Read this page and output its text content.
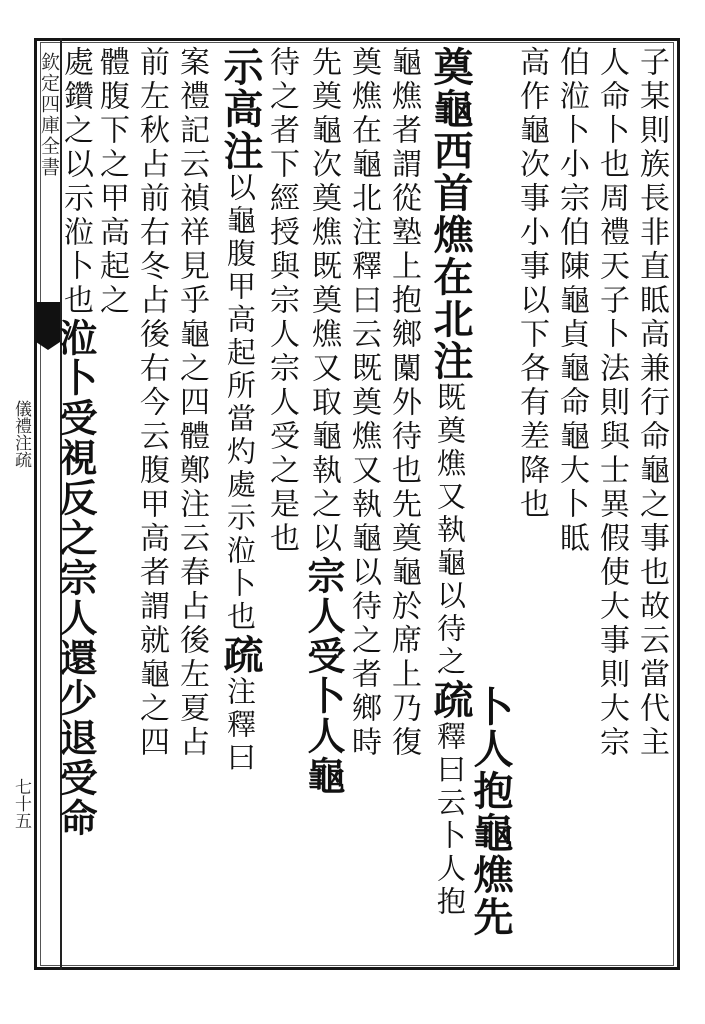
欽定四庫全書
儀禮注疏
七十五
子某則族長非直眡高兼行命龜之事也故云當代主
人命卜也周禮天子卜法則與士異假使大事則大宗
伯涖卜小宗伯陳龜貞龜命龜大卜眡
高作龜次事小事以下各有差降也
卜人抱龜燋先
奠龜西首燋在北注既奠燋又執龜以待之疏釋曰云卜人抱
龜燋者謂從塾上抱鄉闑外待也先奠龜於席上乃復
奠燋在龜北注釋曰云既奠燋又執龜以待之者鄉時
先奠龜次奠燋既奠燋又取龜執之以宗人受卜人龜
待之者下經授與宗人宗人受之是也
示高注以龜腹甲高起所當灼處示涖卜也疏注釋曰
案禮記云禎祥見乎龜之四體鄭注云春占後左夏占
前左秋占前右冬占後右今云腹甲高者謂就龜之四
體腹下之甲高起之
處鑽之以示涖卜也涖卜受視反之宗人還少退受命
